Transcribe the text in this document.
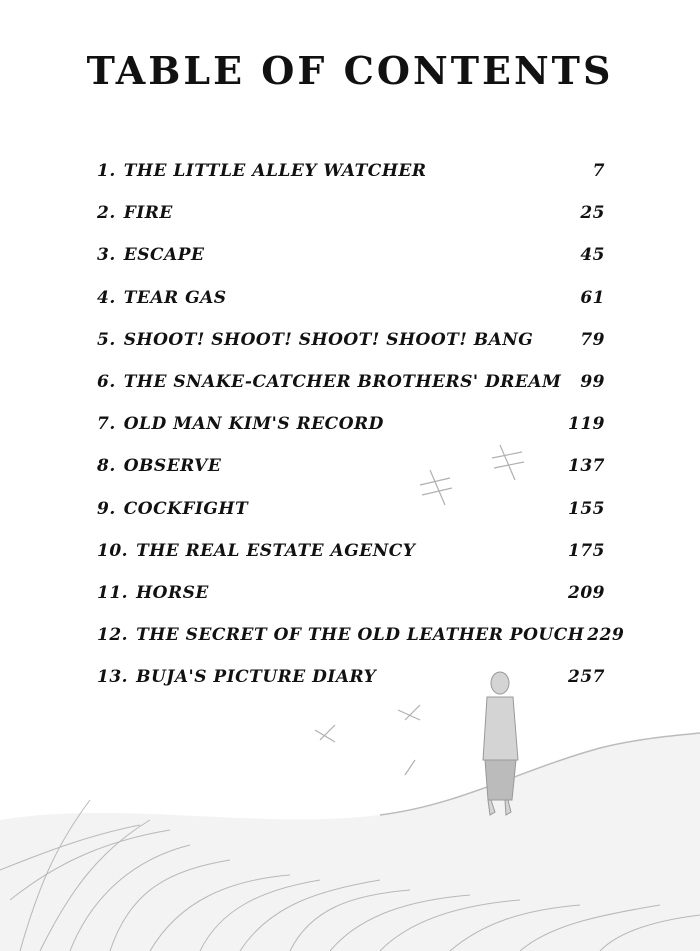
TABLE OF CONTENTS
1. THE LITTLE ALLEY WATCHER	7
2. FIRE	25
3. ESCAPE	45
4. TEAR GAS	61
5. SHOOT! SHOOT! SHOOT! SHOOT! BANG	79
6. THE SNAKE-CATCHER BROTHERS' DREAM	99
7. OLD MAN KIM'S RECORD	119
8. OBSERVE	137
9. COCKFIGHT	155
10. THE REAL ESTATE AGENCY	175
11. HORSE	209
12. THE SECRET OF THE OLD LEATHER POUCH 229
13. BUJA'S PICTURE DIARY	257
